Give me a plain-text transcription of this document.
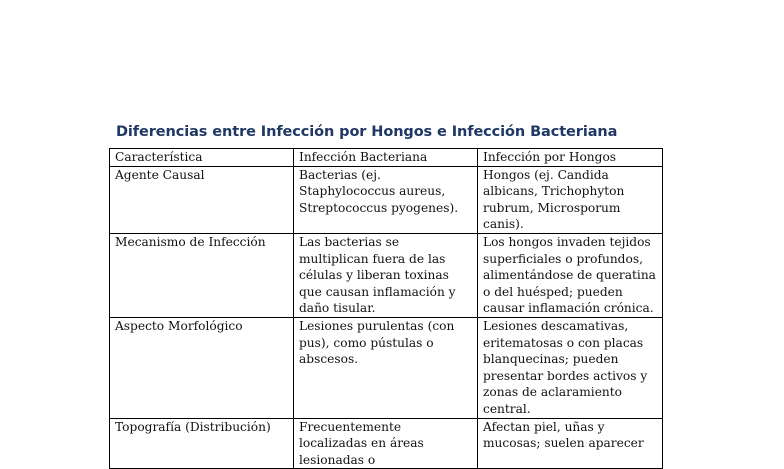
Diferencias entre Infección por Hongos e Infección Bacteriana
Característica	Infección Bacteriana	Infección por Hongos
Agente Causal	Bacterias (ej. Staphylococcus aureus, Streptococcus pyogenes).	Hongos (ej. Candida albicans, Trichophyton rubrum, Microsporum canis).
Mecanismo de Infección	Las bacterias se multiplican fuera de las células y liberan toxinas que causan inflamación y daño tisular.	Los hongos invaden tejidos superficiales o profundos, alimentándose de queratina o del huésped; pueden causar inflamación crónica.
Aspecto Morfológico	Lesiones purulentas (con pus), como pústulas o abscesos.	Lesiones descamativas, eritematosas o con placas blanquecinas; pueden presentar bordes activos y zonas de aclaramiento central.
Topografía (Distribución)	Frecuentemente localizadas en áreas lesionadas o	Afectan piel, uñas y mucosas; suelen aparecer
